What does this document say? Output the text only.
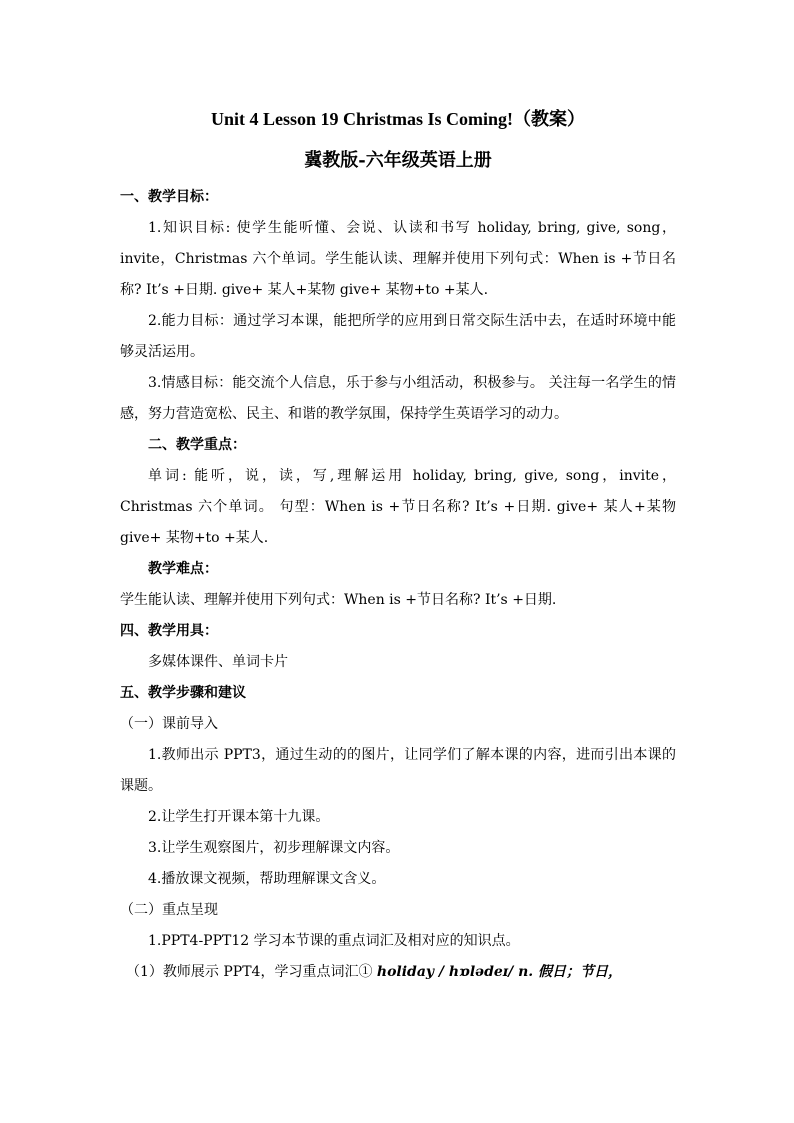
Unit 4 Lesson 19 Christmas Is Coming!（教案）

冀教版-六年级英语上册

一、教学目标：

1.知识目标: 使学生能听懂、会说、认读和书写 holiday, bring, give, song，invite，Christmas 六个单词。学生能认读、理解并使用下列句式：When is +节日名称? It’s +日期. give+ 某人+某物 give+ 某物+to +某人.

2.能力目标：通过学习本课，能把所学的应用到日常交际生活中去，在适时环境中能够灵活运用。

3.情感目标：能交流个人信息，乐于参与小组活动，积极参与。 关注每一名学生的情感，努力营造宽松、民主、和谐的教学氛围，保持学生英语学习的动力。

二、教学重点：

单词: 能听，说，读，写,理解运用 holiday, bring, give, song，invite，Christmas 六个单词。 句型：When is +节日名称? It’s +日期. give+ 某人+某物 give+ 某物+to +某人.

教学难点：

学生能认读、理解并使用下列句式：When is +节日名称? It’s +日期.

四、教学用具：

多媒体课件、单词卡片

五、教学步骤和建议

（一）课前导入

1.教师出示 PPT3，通过生动的的图片，让同学们了解本课的内容，进而引出本课的课题。

2.让学生打开课本第十九课。

3.让学生观察图片，初步理解课文内容。

4.播放课文视频，帮助理解课文含义。

（二）重点呈现

1.PPT4-PPT12 学习本节课的重点词汇及相对应的知识点。

（1）教师展示 PPT4，学习重点词汇① holiday / hɒlədeɪ/ n. 假日；节日，
